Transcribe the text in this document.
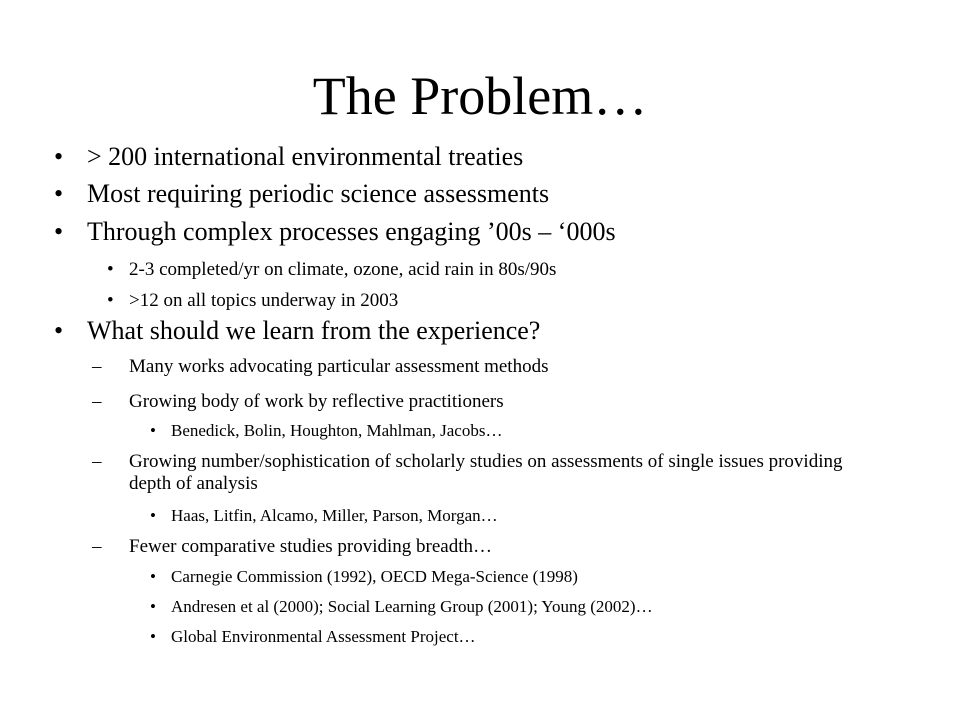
The Problem…
• > 200 international environmental treaties
• Most requiring periodic science assessments
• Through complex processes engaging ’00s – ‘000s
• 2-3 completed/yr on climate, ozone, acid rain in 80s/90s
• >12 on all topics underway in 2003
• What should we learn from the experience?
– Many works advocating particular assessment methods
– Growing body of work by reflective practitioners
• Benedick, Bolin, Houghton, Mahlman, Jacobs…
– Growing number/sophistication of scholarly studies on assessments of single issues providing depth of analysis
• Haas, Litfin, Alcamo, Miller, Parson, Morgan…
– Fewer comparative studies providing breadth…
• Carnegie Commission (1992), OECD Mega-Science (1998)
• Andresen et al (2000); Social Learning Group (2001); Young (2002)…
• Global Environmental Assessment Project…
